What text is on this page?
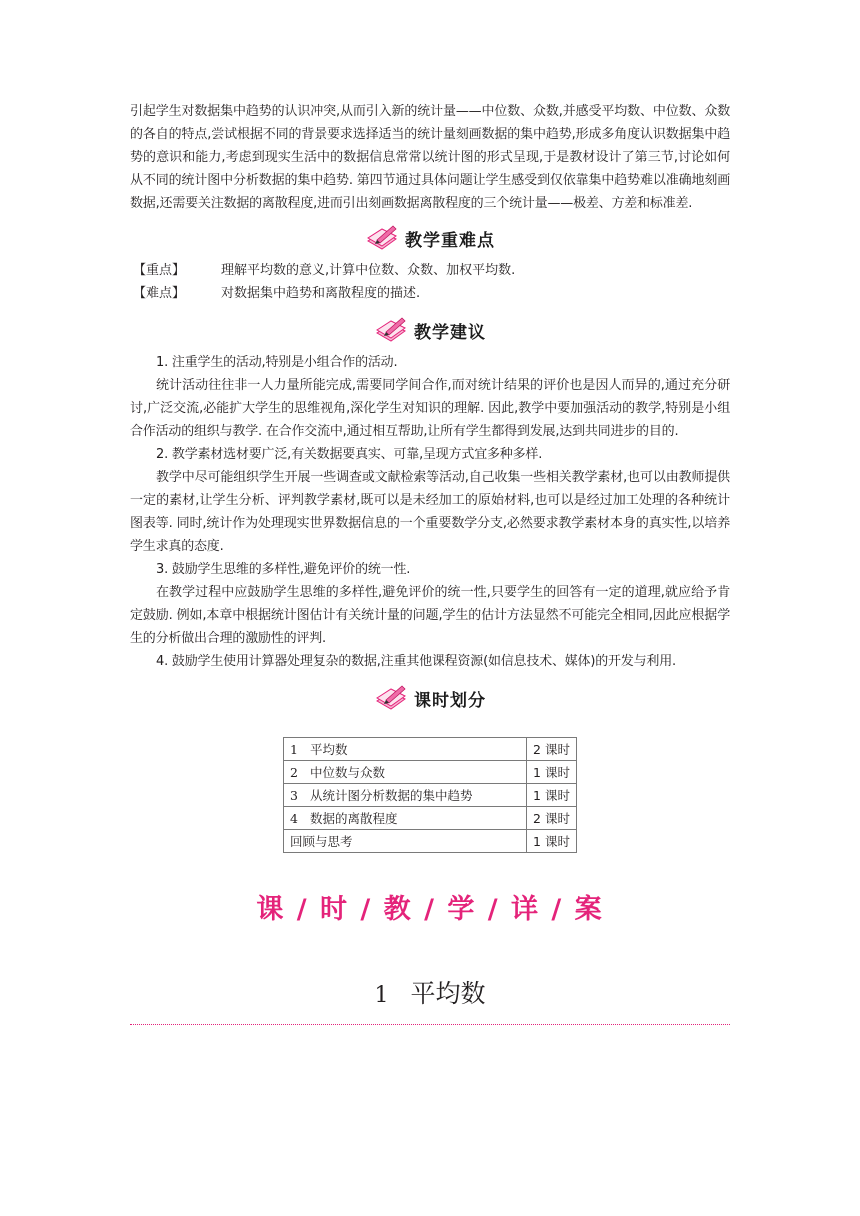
引起学生对数据集中趋势的认识冲突,从而引入新的统计量——中位数、众数,并感受平均数、中位数、众数的各自的特点,尝试根据不同的背景要求选择适当的统计量刻画数据的集中趋势,形成多角度认识数据集中趋势的意识和能力,考虑到现实生活中的数据信息常常以统计图的形式呈现,于是教材设计了第三节,讨论如何从不同的统计图中分析数据的集中趋势. 第四节通过具体问题让学生感受到仅依靠集中趋势难以准确地刻画数据,还需要关注数据的离散程度,进而引出刻画数据离散程度的三个统计量——极差、方差和标准差.

教学重难点
【重点】	理解平均数的意义,计算中位数、众数、加权平均数.
【难点】	对数据集中趋势和离散程度的描述.
教学建议

1. 注重学生的活动,特别是小组合作的活动.

统计活动往往非一人力量所能完成,需要同学间合作,而对统计结果的评价也是因人而异的,通过充分研讨,广泛交流,必能扩大学生的思维视角,深化学生对知识的理解. 因此,教学中要加强活动的教学,特别是小组合作活动的组织与教学. 在合作交流中,通过相互帮助,让所有学生都得到发展,达到共同进步的目的.

2. 教学素材选材要广泛,有关数据要真实、可靠,呈现方式宜多种多样.

教学中尽可能组织学生开展一些调查或文献检索等活动,自己收集一些相关教学素材,也可以由教师提供一定的素材,让学生分析、评判教学素材,既可以是未经加工的原始材料,也可以是经过加工处理的各种统计图表等. 同时,统计作为处理现实世界数据信息的一个重要数学分支,必然要求教学素材本身的真实性,以培养学生求真的态度.

3. 鼓励学生思维的多样性,避免评价的统一性.

在教学过程中应鼓励学生思维的多样性,避免评价的统一性,只要学生的回答有一定的道理,就应给予肯定鼓励. 例如,本章中根据统计图估计有关统计量的问题,学生的估计方法显然不可能完全相同,因此应根据学生的分析做出合理的激励性的评判.

4. 鼓励学生使用计算器处理复杂的数据,注重其他课程资源(如信息技术、媒体)的开发与利用.

课时划分
1 平均数	2 课时
2 中位数与众数	1 课时
3 从统计图分析数据的集中趋势	1 课时
4 数据的离散程度	2 课时
回顾与思考	1 课时
课 / 时 / 教 / 学 / 详 / 案
1 平均数
